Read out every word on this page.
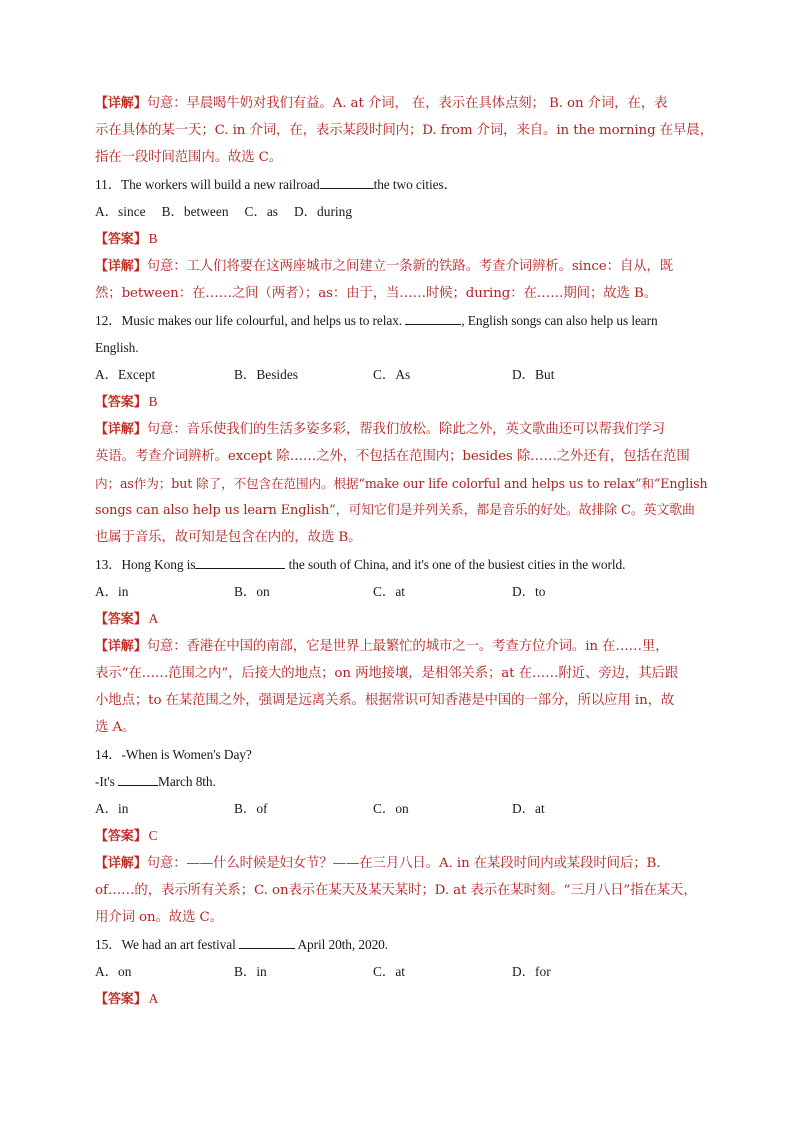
【详解】句意：早晨喝牛奶对我们有益。A. at 介词， 在，表示在具体点刻； B. on 介词，在，表
示在具体的某一天；C. in 介词，在，表示某段时间内；D. from 介词，来自。in the morning 在早晨，
指在一段时间范围内。故选 C。
11．The workers will build a new railroad	the two cities．
A．since B．between C．as D．during
【答案】 B
【详解】句意：工人们将要在这两座城市之间建立一条新的铁路。考查介词辨析。since：自从，既
然；between：在……之间（两者）；as：由于，当……时候；during：在……期间；故选 B。
12．Music makes our life colourful, and helps us to relax.	, English songs can also help us learn
English.
A．Except	B．Besides	C．As	D．But
【答案】 B
【详解】句意：音乐使我们的生活多姿多彩，帮我们放松。除此之外，英文歌曲还可以帮我们学习
英语。考查介词辨析。except 除……之外，不包括在范围内；besides 除……之外还有，包括在范围
内；as作为；but 除了，不包含在范围内。根据“make our life colorful and helps us to relax”和“English
songs can also help us learn English”，可知它们是并列关系，都是音乐的好处。故排除 C。英文歌曲
也属于音乐，故可知是包含在内的，故选 B。
13．Hong Kong is	the south of China, and it's one of the busiest cities in the world.
A．in	B．on	C．at	D．to
【答案】 A
【详解】句意：香港在中国的南部，它是世界上最繁忙的城市之一。考查方位介词。in 在……里，
表示“在……范围之内”，后接大的地点；on 两地接壤，是相邻关系；at 在……附近、旁边，其后跟
小地点；to 在某范围之外，强调是远离关系。根据常识可知香港是中国的一部分，所以应用 in，故
选 A。
14．-When is Women's Day?
-It's	March 8th.
A．in	B．of	C．on	D．at
【答案】 C
【详解】句意：——什么时候是妇女节？——在三月八日。A. in 在某段时间内或某段时间后；B.
of……的，表示所有关系；C. on表示在某天及某天某时；D. at 表示在某时刻。“三月八日”指在某天，
用介词 on。故选 C。
15．We had an art festival	April 20th, 2020.
A．on	B．in	C．at	D．for
【答案】 A
